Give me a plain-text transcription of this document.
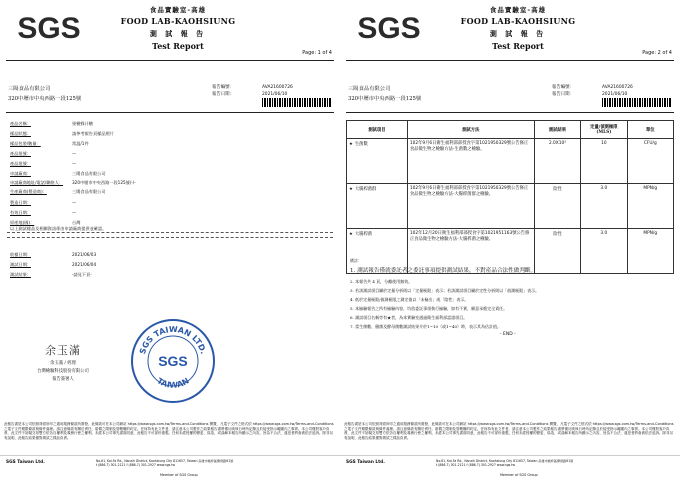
SGS
食品實驗室-高雄
FOOD LAB-KAOHSIUNG
測 試 報 告
Test Report
Page: 1 of 4
三陽食品有限公司
320中壢市中央西路一段125號
報告編號：	AVA21600726
報告日期：	2021/06/10
產品名稱：	果樹蜂汁糖
樣品狀態：	請參考報告頁樣品照片
樣品包裝/數量：	常溫/1件
產品批號：	—
產品批號：	—
申請廠商：	三陽食品有限公司
申請廠商地址/電話/聯絡人： 320中壢市中央西路一段125號/-/-
生產廠商(製造商)：	三陽食品有限公司
製造日期：	—
有效日期：	—
原產地(國)：	台灣
以上測試樣品及相關資訊係由申請廠商提供並確認。
收樣日期：	2021/06/03
測試日期：	2021/06/04
測試結果：	-請見下頁-
余玉滿
余玉滿 / 經理
台灣檢驗科技股份有限公司
報告簽署人
SGS TAIWAN LTD.
TAIWAN
SGS
此報告書是本公司依照背面所印之通用服務條款所簽發，此條款可在本公司網站 https://www.sgs.com.tw/Terms-and-Conditions 閱覽，凡電子文件之格式依 https://www.sgs.com.tw/Terms-and-Conditions 之電子文件期限條款與條件處理。請注意條款有關於責任、賠償之限制及管轄權的約定。任何持有此文件者，請注意本公司製作之結果報告書將僅反映執行時所記錄且於接受指示範圍內之事實。本公司僅對客戶負責，此文件不妨礙交易雙方依各自權利及義務行使之權利。未經本公司事先書面同意，此報告不可部份複製。任何未經授權的變更、偽造、或曲解本報告所顯示之內容，皆為不合法，違犯者將會被依法追訴。除非另有說明，此報告結果僅對測試之樣品負責。
SGS Taiwan Ltd.	No.61, Kai-Fa Rd., Nanzih District, Kaohsiung City 811657, Taiwan 高雄市楠梓區開發路61號
t (886-7) 301-2121 f (886-7) 301-2927 www.sgs.tw
Member of SGS Group
SGS
食品實驗室-高雄
FOOD LAB-KAOHSIUNG
測 試 報 告
Test Report
Page: 2 of 4
三陽食品有限公司
320中壢市中央西路一段125號
報告編號：	AVA21600726
報告日期：	2021/06/10
測試項目	測試方法	測試結果	定量/偵測極限(MLS)	單位
★ 生菌數	102年9月6日衛生福利部部授食字第1021950329號公告修正食品微生物之檢驗方法-生菌數之檢驗。	2.0X10²	10	CFU/g
★ 大腸桿菌群	102年9月6日衛生福利部部授食字第1021950329號公告修正食品微生物之檢驗方法-大腸桿菌群之檢驗。	陰性	3.0	MPN/g
★ 大腸桿菌	102年12月20日衛生福利部部授食字第1021951163號公告修正食品微生物之檢驗方法-大腸桿菌之檢驗。	陰性	3.0	MPN/g
備註：
1. 測試報告僅就委託者之委託事項提供測試結果，不對產品合法性做判斷。
2. 本報告共 4 頁，分離使用無效。
3. 若該測試項目屬於定量分析則以「定量極限」表示；若該測試項目屬於定性分析則以「偵測極限」表示。
4. 低於定量極限/偵測極限之測定值以「未檢出」或「陰性」表示。
5. 本檢驗報告之所有檢驗內容，均依委託事項執行檢驗，如有不實，願意承擔完全責任。
6. 測試項目名稱旁有★者，為本實驗室通過衛生福利部認證項目。
7. 當生菌數、黴菌及酵母菌數測試結果介於1~10（或1~40）時，表示其為估計值。
- END -
此報告書是本公司依照背面所印之通用服務條款所簽發，此條款可在本公司網站 https://www.sgs.com.tw/Terms-and-Conditions 閱覽，凡電子文件之格式依 https://www.sgs.com.tw/Terms-and-Conditions 之電子文件期限條款與條件處理。請注意條款有關於責任、賠償之限制及管轄權的約定。任何持有此文件者，請注意本公司製作之結果報告書將僅反映執行時所記錄且於接受指示範圍內之事實。本公司僅對客戶負責，此文件不妨礙交易雙方依各自權利及義務行使之權利。未經本公司事先書面同意，此報告不可部份複製。任何未經授權的變更、偽造、或曲解本報告所顯示之內容，皆為不合法，違犯者將會被依法追訴。除非另有說明，此報告結果僅對測試之樣品負責。
SGS Taiwan Ltd.	No.61, Kai-Fa Rd., Nanzih District, Kaohsiung City 811657, Taiwan 高雄市楠梓區開發路61號
t (886-7) 301-2121 f (886-7) 301-2927 www.sgs.tw
Member of SGS Group
